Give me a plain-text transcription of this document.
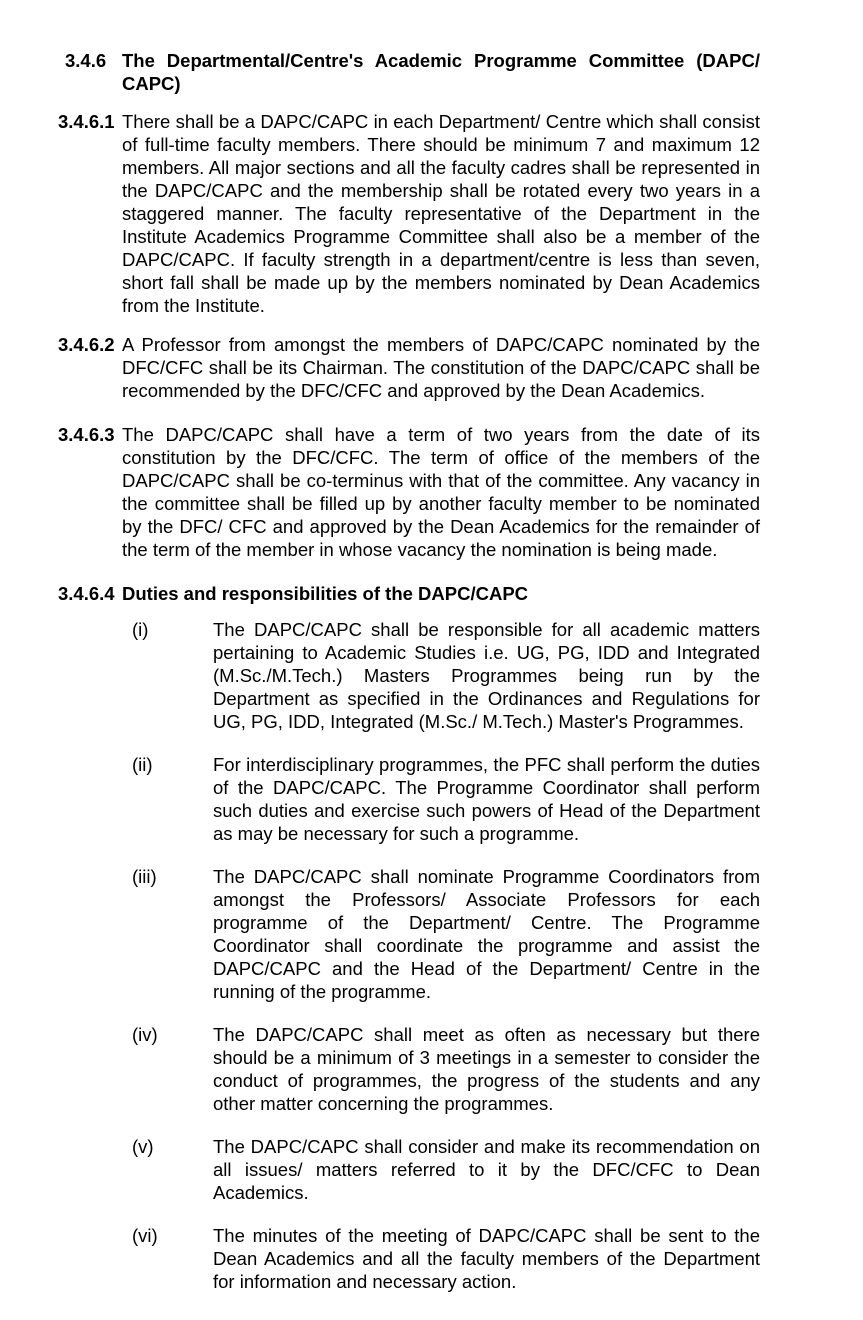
3.4.6 The Departmental/Centre's Academic Programme Committee (DAPC/ CAPC)
3.4.6.1 There shall be a DAPC/CAPC in each Department/ Centre which shall consist of full-time faculty members. There should be minimum 7 and maximum 12 members. All major sections and all the faculty cadres shall be represented in the DAPC/CAPC and the membership shall be rotated every two years in a staggered manner. The faculty representative of the Department in the Institute Academics Programme Committee shall also be a member of the DAPC/CAPC. If faculty strength in a department/centre is less than seven, short fall shall be made up by the members nominated by Dean Academics from the Institute.
3.4.6.2 A Professor from amongst the members of DAPC/CAPC nominated by the DFC/CFC shall be its Chairman. The constitution of the DAPC/CAPC shall be recommended by the DFC/CFC and approved by the Dean Academics.
3.4.6.3 The DAPC/CAPC shall have a term of two years from the date of its constitution by the DFC/CFC. The term of office of the members of the DAPC/CAPC shall be co-terminus with that of the committee. Any vacancy in the committee shall be filled up by another faculty member to be nominated by the DFC/ CFC and approved by the Dean Academics for the remainder of the term of the member in whose vacancy the nomination is being made.
3.4.6.4 Duties and responsibilities of the DAPC/CAPC
(i)	The DAPC/CAPC shall be responsible for all academic matters pertaining to Academic Studies i.e. UG, PG, IDD and Integrated (M.Sc./M.Tech.) Masters Programmes being run by the Department as specified in the Ordinances and Regulations for UG, PG, IDD, Integrated (M.Sc./ M.Tech.) Master's Programmes.
(ii)	For interdisciplinary programmes, the PFC shall perform the duties of the DAPC/CAPC. The Programme Coordinator shall perform such duties and exercise such powers of Head of the Department as may be necessary for such a programme.
(iii)	The DAPC/CAPC shall nominate Programme Coordinators from amongst the Professors/ Associate Professors for each programme of the Department/ Centre. The Programme Coordinator shall coordinate the programme and assist the DAPC/CAPC and the Head of the Department/ Centre in the running of the programme.
(iv)	The DAPC/CAPC shall meet as often as necessary but there should be a minimum of 3 meetings in a semester to consider the conduct of programmes, the progress of the students and any other matter concerning the programmes.
(v)	The DAPC/CAPC shall consider and make its recommendation on all issues/ matters referred to it by the DFC/CFC to Dean Academics.
(vi)	The minutes of the meeting of DAPC/CAPC shall be sent to the Dean Academics and all the faculty members of the Department for information and necessary action.
